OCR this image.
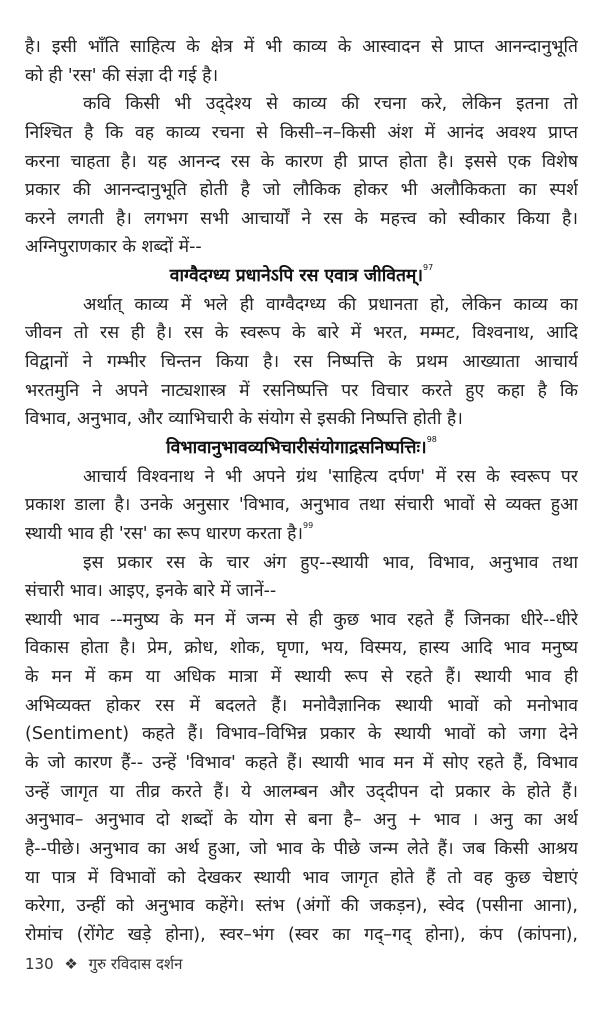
है। इसी भाँति साहित्य के क्षेत्र में भी काव्य के आस्वादन से प्राप्त आनन्दानुभूति
को ही 'रस' की संज्ञा दी गई है।
कवि किसी भी उद्‌देश्य से काव्य की रचना करे, लेकिन इतना तो
निश्चित है कि वह काव्य रचना से किसी–न–किसी अंश में आनंद अवश्य प्राप्त
करना चाहता है। यह आनन्द रस के कारण ही प्राप्त होता है। इससे एक विशेष
प्रकार की आनन्दानुभूति होती है जो लौकिक होकर भी अलौकिकता का स्पर्श
करने लगती है। लगभग सभी आचार्यों ने रस के महत्त्व को स्वीकार किया है।
अग्निपुराणकार के शब्दों में--
वाग्वैदग्ध्य प्रधानेऽपि रस एवात्र जीवितम्।$^{97}$
अर्थात् काव्य में भले ही वाग्वैदग्ध्य की प्रधानता हो, लेकिन काव्य का
जीवन तो रस ही है। रस के स्वरूप के बारे में भरत, मम्मट, विश्वनाथ, आदि
विद्वानों ने गम्भीर चिन्तन किया है। रस निष्पत्ति के प्रथम आख्याता आचार्य
भरतमुनि ने अपने नाट्यशास्त्र में रसनिष्पत्ति पर विचार करते हुए कहा है कि
विभाव, अनुभाव, और व्याभिचारी के संयोग से इसकी निष्पत्ति होती है।
विभावानुभावव्यभिचारीसंयोगाद्रसनिष्पत्तिः।$^{98}$
आचार्य विश्वनाथ ने भी अपने ग्रंथ 'साहित्य दर्पण' में रस के स्वरूप पर
प्रकाश डाला है। उनके अनुसार 'विभाव, अनुभाव तथा संचारी भावों से व्यक्त हुआ
स्थायी भाव ही 'रस' का रूप धारण करता है।$^{99}$
इस प्रकार रस के चार अंग हुए--स्थायी भाव, विभाव, अनुभाव तथा
संचारी भाव। आइए, इनके बारे में जानें--
स्थायी भाव --मनुष्य के मन में जन्म से ही कुछ भाव रहते हैं जिनका धीरे--धीरे
विकास होता है। प्रेम, क्रोध, शोक, घृणा, भय, विस्मय, हास्य आदि भाव मनुष्य
के मन में कम या अधिक मात्रा में स्थायी रूप से रहते हैं। स्थायी भाव ही
अभिव्यक्त होकर रस में बदलते हैं। मनोवैज्ञानिक स्थायी भावों को मनोभाव
(Sentiment) कहते हैं। विभाव–विभिन्न प्रकार के स्थायी भावों को जगा देने
के जो कारण हैं-- उन्हें 'विभाव' कहते हैं। स्थायी भाव मन में सोए रहते हैं, विभाव
उन्हें जागृत या तीव्र करते हैं। ये आलम्बन और उद्‌दीपन दो प्रकार के होते हैं।
अनुभाव– अनुभाव दो शब्दों के योग से बना है– अनु + भाव । अनु का अर्थ
है--पीछे। अनुभाव का अर्थ हुआ, जो भाव के पीछे जन्म लेते हैं। जब किसी आश्रय
या पात्र में विभावों को देखकर स्थायी भाव जागृत होते हैं तो वह कुछ चेष्टाएं
करेगा, उन्हीं को अनुभाव कहेंगे। स्तंभ (अंगों की जकड़न), स्वेद (पसीना आना),
रोमांच (रोंगेट खड़े होना), स्वर–भंग (स्वर का गद्–गद् होना), कंप (कांपना),
130 ❖ गुरु रविदास दर्शन
